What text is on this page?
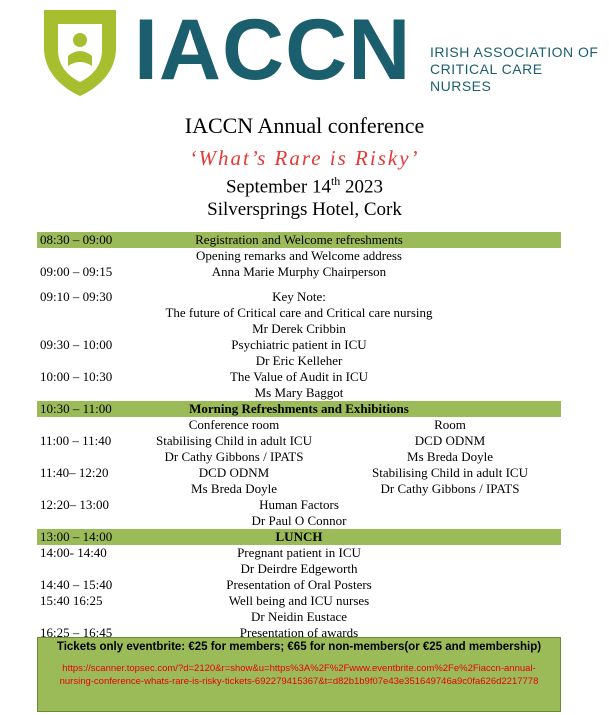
IACCN IRISH ASSOCIATION OF
CRITICAL CARE NURSES
IACCN Annual conference
‘What’s Rare is Risky’
September 14th 2023
Silversprings Hotel, Cork
08:30 – 09:00	Registration and Welcome refreshments
Opening remarks and Welcome address
09:00 – 09:15	Anna Marie Murphy Chairperson
09:10 – 09:30	Key Note:
The future of Critical care and Critical care nursing
Mr Derek Cribbin
09:30 – 10:00	Psychiatric patient in ICU
Dr Eric Kelleher
10:00 – 10:30	The Value of Audit in ICU
Ms Mary Baggot
10:30 – 11:00	Morning Refreshments and Exhibitions
Conference room	Room
11:00 – 11:40	Stabilising Child in adult ICU	DCD ODNM
Dr Cathy Gibbons / IPATS	Ms Breda Doyle
11:40– 12:20	DCD ODNM	Stabilising Child in adult ICU
Ms Breda Doyle	Dr Cathy Gibbons / IPATS
12:20– 13:00	Human Factors
Dr Paul O Connor
13:00 – 14:00	LUNCH
14:00- 14:40	Pregnant patient in ICU
Dr Deirdre Edgeworth
14:40 – 15:40	Presentation of Oral Posters
15:40 16:25	Well being and ICU nurses
Dr Neidin Eustace
16:25 – 16:45	Presentation of awards
Tickets only eventbrite: €25 for members; €65 for non-members(or €25 and membership)
https://scanner.topsec.com/?d=2120&r=show&u=https%3A%2F%2Fwww.eventbrite.com%2Fe%2Fiaccn-annual-nursing-conference-whats-rare-is-risky-tickets-692279415367&t=d82b1b9f07e43e351649746a9c0fa626d2217778
